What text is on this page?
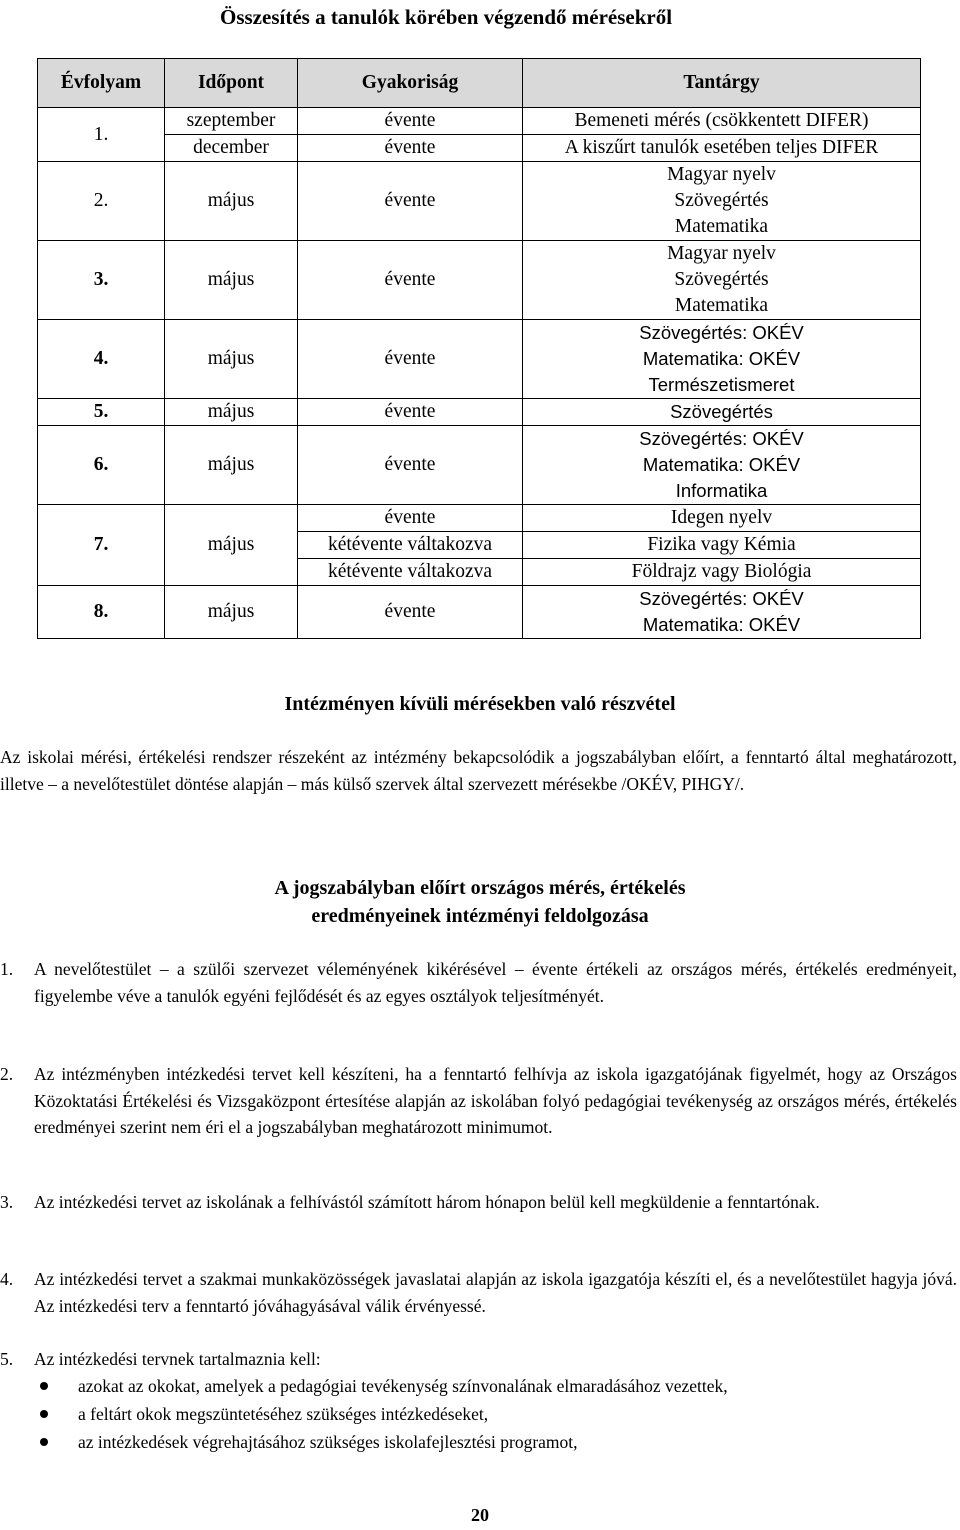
Összesítés a tanulók körében végzendő mérésekről
Évfolyam	Időpont	Gyakoriság	Tantárgy
1.	szeptember	évente	Bemeneti mérés (csökkentett DIFER)
	december	évente	A kiszűrt tanulók esetében teljes DIFER
2.	május	évente	Magyar nyelv
Szövegértés
Matematika

3.	május	évente	Magyar nyelv
Szövegértés
Matematika

4.	május	évente	Szövegértés: OKÉV
Matematika: OKÉV
Természetismeret

5.	május	évente	Szövegértés
6.	május	évente	Szövegértés: OKÉV
Matematika: OKÉV
Informatika

7.	május	évente	Idegen nyelv
		kétévente váltakozva	Fizika vagy Kémia
		kétévente váltakozva	Földrajz vagy Biológia
8.	május	évente	Szövegértés: OKÉV
Matematika: OKÉV
Intézményen kívüli mérésekben való részvétel

Az iskolai mérési, értékelési rendszer részeként az intézmény bekapcsolódik a jogszabályban előírt, a fenntartó által meghatározott, illetve – a nevelőtestület döntése alapján – más külső szervek által szervezett mérésekbe /OKÉV, PIHGY/.

A jogszabályban előírt országos mérés, értékelés
eredményeinek intézményi feldolgozása
1.	A nevelőtestület – a szülői szervezet véleményének kikérésével – évente értékeli az országos mérés, értékelés eredményeit, figyelembe véve a tanulók egyéni fejlődését és az egyes osztályok teljesítményét.
2.	Az intézményben intézkedési tervet kell készíteni, ha a fenntartó felhívja az iskola igazgatójának figyelmét, hogy az Országos Közoktatási Értékelési és Vizsgaközpont értesítése alapján az iskolában folyó pedagógiai tevékenység az országos mérés, értékelés eredményei szerint nem éri el a jogszabályban meghatározott minimumot.
3.	Az intézkedési tervet az iskolának a felhívástól számított három hónapon belül kell megküldenie a fenntartónak.
4.	Az intézkedési tervet a szakmai munkaközösségek javaslatai alapján az iskola igazgatója készíti el, és a nevelőtestület hagyja jóvá. Az intézkedési terv a fenntartó jóváhagyásával válik érvényessé.
5.	Az intézkedési tervnek tartalmaznia kell:
azokat az okokat, amelyek a pedagógiai tevékenység színvonalának elmaradásához vezettek,
a feltárt okok megszüntetéséhez szükséges intézkedéseket,
az intézkedések végrehajtásához szükséges iskolafejlesztési programot,
20
